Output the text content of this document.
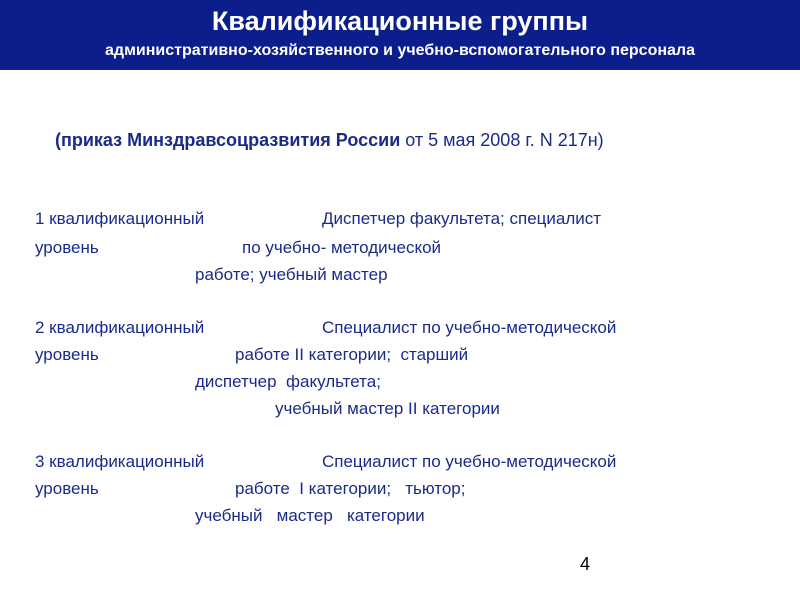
Квалификационные группы
административно-хозяйственного и учебно-вспомогательного персонала
(приказ Минздравсоцразвития России от 5 мая 2008 г. N 217н)
1 квалификационный	Диспетчер факультета; специалист
уровень	по учебно- методической
работе; учебный мастер
2 квалификационный	Специалист по учебно-методической
уровень	работе II категории;  старший
диспетчер  факультета;
учебный мастер II категории
3 квалификационный	Специалист по учебно-методической
уровень	работе  I категории;   тьютор;
учебный   мастер   категории
4
